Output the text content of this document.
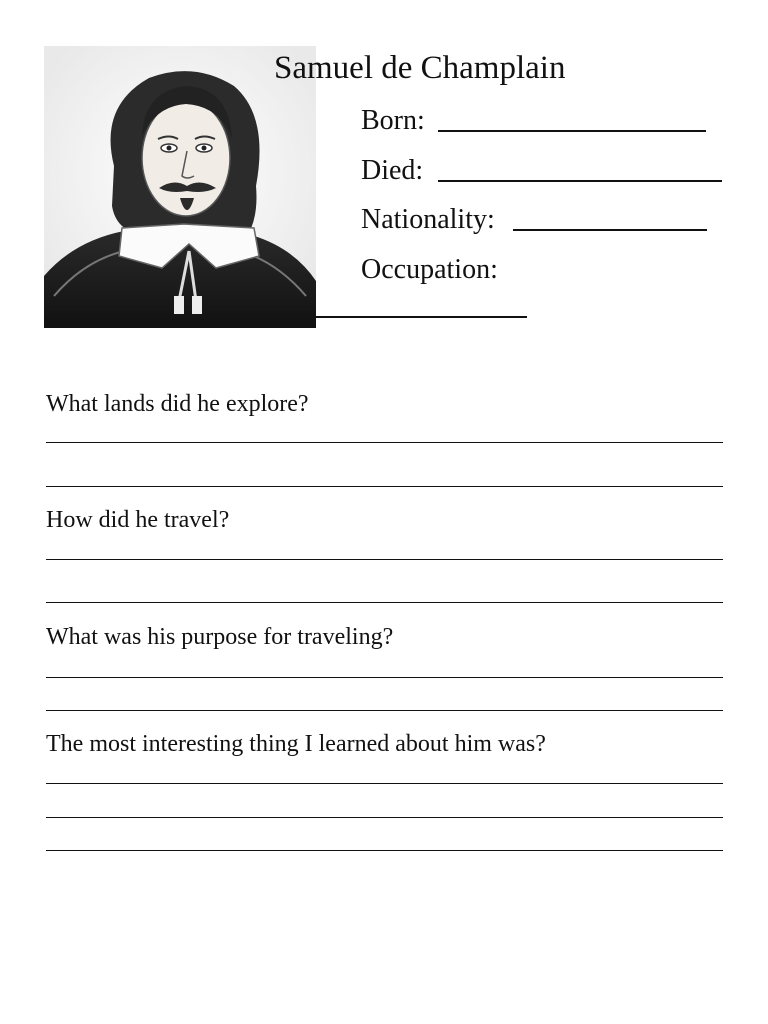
Samuel de Champlain
Born:
Died:
Nationality:
Occupation:
What lands did he explore?
How did he travel?
What was his purpose for traveling?
The most interesting thing I learned about him was?
